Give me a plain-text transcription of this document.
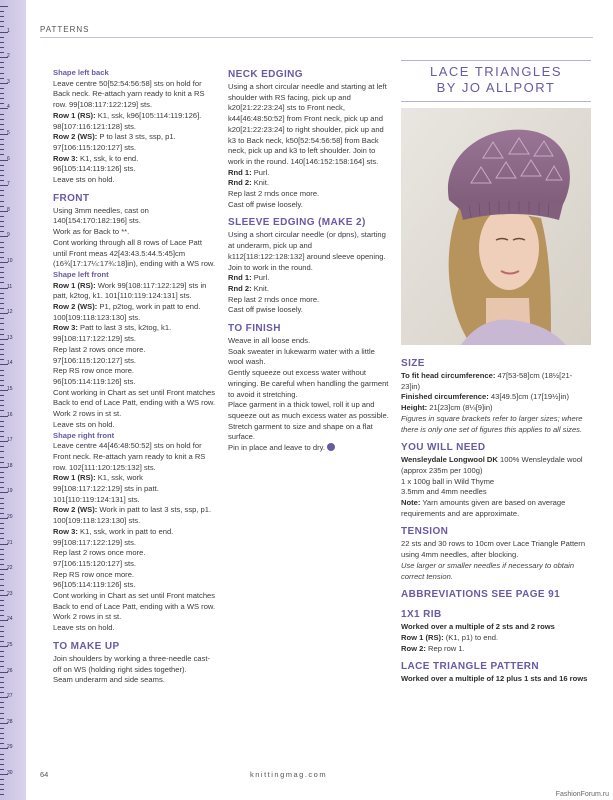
1
2
3
4
5
6
7
8
9
10
11
12
13
14
15
16
17
18
19
20
21
22
23
24
25
26
27
28
29
30
PATTERNS

Shape left back

Leave centre 50[52:54:56:58] sts on hold for Back neck. Re-attach yarn ready to knit a RS row. 99[108:117:122:129] sts.

Row 1 (RS): K1, ssk, k96[105:114:119:126].

98[107:116:121:128] sts.

Row 2 (WS): P to last 3 sts, ssp, p1.

97[106:115:120:127] sts.

Row 3: K1, ssk, k to end.

96[105:114:119:126] sts.

Leave sts on hold.

FRONT

Using 3mm needles, cast on 140[154:170:182:196] sts.

Work as for Back to **.

Cont working through all 8 rows of Lace Patt until Front meas 42[43:43.5:44.5:45]cm (16¾[17:17¼:17¾:18]in), ending with a WS row.

Shape left front

Row 1 (RS): Work 99[108:117:122:129] sts in patt, k2tog, k1. 101[110:119:124:131] sts.

Row 2 (WS): P1, p2tog, work in patt to end. 100[109:118:123:130] sts.

Row 3: Patt to last 3 sts, k2tog, k1.

99[108:117:122:129] sts.

Rep last 2 rows once more.

97[106:115:120:127] sts.

Rep RS row once more.

96[105:114:119:126] sts.

Cont working in Chart as set until Front matches Back to end of Lace Patt, ending with a WS row.

Work 2 rows in st st.

Leave sts on hold.

Shape right front

Leave centre 44[46:48:50:52] sts on hold for Front neck. Re-attach yarn ready to knit a RS row. 102[111:120:125:132] sts.

Row 1 (RS): K1, ssk, work

99[108:117:122:129] sts in patt.

101[110:119:124:131] sts.

Row 2 (WS): Work in patt to last 3 sts, ssp, p1. 100[109:118:123:130] sts.

Row 3: K1, ssk, work in patt to end.

99[108:117:122:129] sts.

Rep last 2 rows once more.

97[106:115:120:127] sts.

Rep RS row once more.

96[105:114:119:126] sts.

Cont working in Chart as set until Front matches Back to end of Lace Patt, ending with a WS row.

Work 2 rows in st st.

Leave sts on hold.

TO MAKE UP

Join shoulders by working a three-needle cast-off on WS (holding right sides together).

Seam underarm and side seams.

NECK EDGING

Using a short circular needle and starting at left shoulder with RS facing, pick up and k20[21:22:23:24] sts to Front neck, k44[46:48:50:52] from Front neck, pick up and k20[21:22:23:24] to right shoulder, pick up and k3 to Back neck, k50[52:54:56:58] from Back neck, pick up and k3 to left shoulder. Join to work in the round. 140[146:152:158:164] sts.

Rnd 1: Purl.

Rnd 2: Knit.

Rep last 2 rnds once more.

Cast off pwise loosely.

SLEEVE EDGING (MAKE 2)

Using a short circular needle (or dpns), starting at underarm, pick up and k112[118:122:128:132] around sleeve opening. Join to work in the round.

Rnd 1: Purl.

Rnd 2: Knit.

Rep last 2 rnds once more.

Cast off pwise loosely.

TO FINISH

Weave in all loose ends.

Soak sweater in lukewarm water with a little wool wash.

Gently squeeze out excess water without wringing. Be careful when handling the garment to avoid it stretching.

Place garment in a thick towel, roll it up and squeeze out as much excess water as possible.

Stretch garment to size and shape on a flat surface.

Pin in place and leave to dry.

LACE TRIANGLES
BY JO ALLPORT

SIZE

To fit head circumference: 47[53-58]cm (18½[21-23]in)

Finished circumference: 43[49.5]cm (17[19½]in)

Height: 21[23]cm (8¼[9]in)

Figures in square brackets refer to larger sizes; where there is only one set of figures this applies to all sizes.

YOU WILL NEED

Wensleydale Longwool DK 100% Wensleydale wool (approx 235m per 100g)

1 x 100g ball in Wild Thyme

3.5mm and 4mm needles

Note: Yarn amounts given are based on average requirements and are approximate.

TENSION

22 sts and 30 rows to 10cm over Lace Triangle Pattern using 4mm needles, after blocking.

Use larger or smaller needles if necessary to obtain correct tension.

ABBREVIATIONS SEE PAGE 91

1X1 RIB

Worked over a multiple of 2 sts and 2 rows

Row 1 (RS): (K1, p1) to end.

Row 2: Rep row 1.

LACE TRIANGLE PATTERN

Worked over a multiple of 12 plus 1 sts and 16 rows

64	knittingmag.com
FashionForum.ru
